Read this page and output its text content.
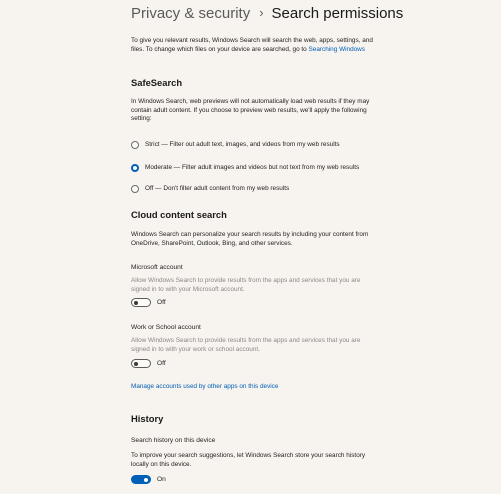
Privacy & security › Search permissions
To give you relevant results, Windows Search will search the web, apps, settings, and files. To change which files on your device are searched, go to Searching Windows
SafeSearch
In Windows Search, web previews will not automatically load web results if they may contain adult content. If you choose to preview web results, we'll apply the following setting:
Strict — Filter out adult text, images, and videos from my web results
Moderate — Filter adult images and videos but not text from my web results
Off — Don't filter adult content from my web results
Cloud content search
Windows Search can personalize your search results by including your content from OneDrive, SharePoint, Outlook, Bing, and other services.
Microsoft account
Allow Windows Search to provide results from the apps and services that you are signed in to with your Microsoft account.
Off
Work or School account
Allow Windows Search to provide results from the apps and services that you are signed in to with your work or school account.
Off
Manage accounts used by other apps on this device
History
Search history on this device
To improve your search suggestions, let Windows Search store your search history locally on this device.
On
